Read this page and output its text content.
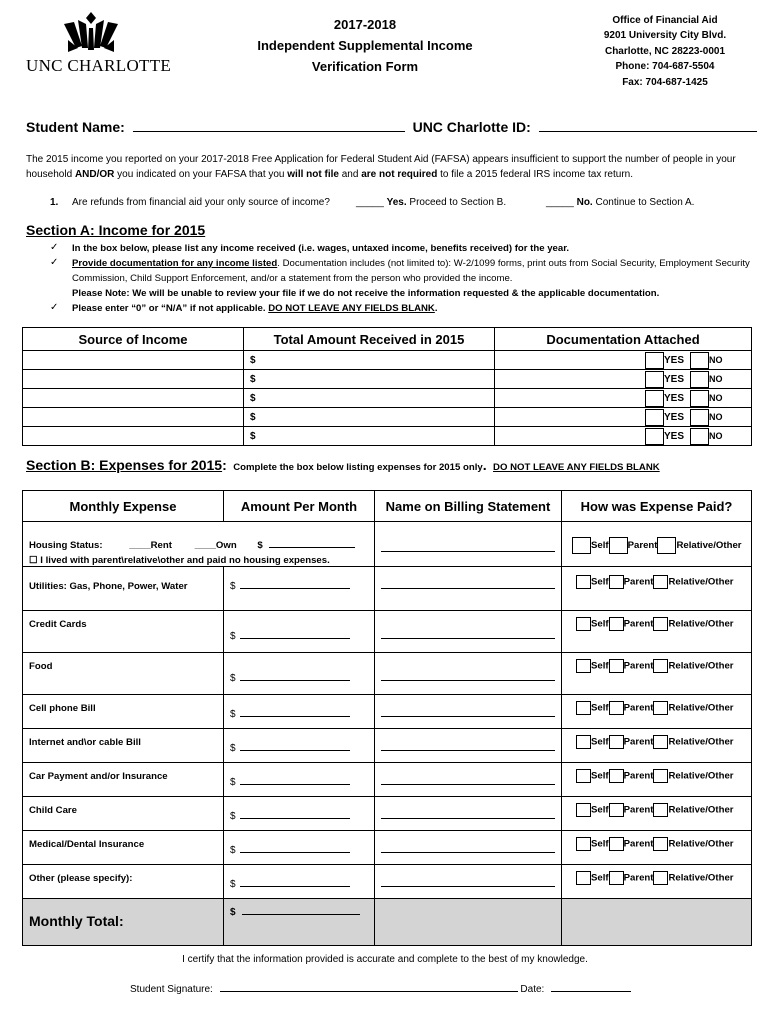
UNC CHARLOTTE
2017-2018
Independent Supplemental Income
Verification Form
Office of Financial Aid
9201 University City Blvd.
Charlotte, NC 28223-0001
Phone: 704-687-5504
Fax: 704-687-1425
Student Name:	UNC Charlotte ID:
The 2015 income you reported on your 2017-2018 Free Application for Federal Student Aid (FAFSA) appears insufficient to support the number of people in your household AND/OR you indicated on your FAFSA that you will not file and are not required to file a 2015 federal IRS income tax return.
1. Are refunds from financial aid your only source of income?	_____ Yes. Proceed to Section B.	_____ No. Continue to Section A.
Section A: Income for 2015
✓ In the box below, please list any income received (i.e. wages, untaxed income, benefits received) for the year.
✓ Provide documentation for any income listed. Documentation includes (not limited to): W-2/1099 forms, print outs from Social Security, Employment Security Commission, Child Support Enforcement, and/or a statement from the person who provided the income.
Please Note: We will be unable to review your file if we do not receive the information requested & the applicable documentation.
✓ Please enter “0” or “N/A” if not applicable. DO NOT LEAVE ANY FIELDS BLANK.
Source of Income	Total Amount Received in 2015	Documentation Attached
	$	YES NO
	$	YES NO
	$	YES NO
	$	YES NO
	$	YES NO
Section B: Expenses for 2015: Complete the box below listing expenses for 2015 only. DO NOT LEAVE ANY FIELDS BLANK
Monthly Expense	Amount Per Month	Name on Billing Statement	How was Expense Paid?

Housing Status: ____Rent ____Own $
☐ I lived with parent\relative\other and paid no housing expenses.			Self Parent Relative/Other
Utilities: Gas, Phone, Power, Water	$		Self Parent Relative/Other
Credit Cards	$		Self Parent Relative/Other
Food	$		Self Parent Relative/Other
Cell phone Bill	$		Self Parent Relative/Other
Internet and\or cable Bill	$		Self Parent Relative/Other
Car Payment and/or Insurance	$		Self Parent Relative/Other
Child Care	$		Self Parent Relative/Other
Medical/Dental Insurance	$		Self Parent Relative/Other
Other (please specify):	$		Self Parent Relative/Other
Monthly Total:	$		
I certify that the information provided is accurate and complete to the best of my knowledge.
Student Signature:	Date:
